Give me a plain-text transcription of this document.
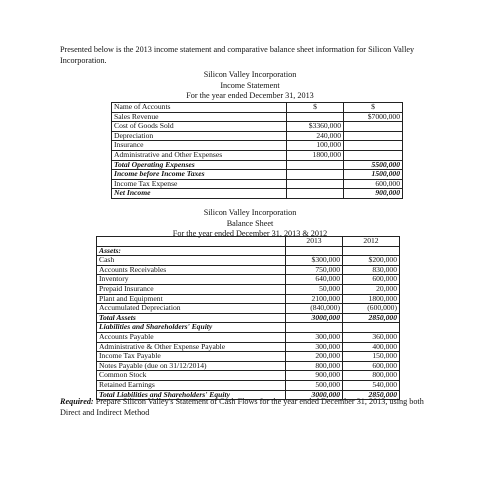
Presented below is the 2013 income statement and comparative balance sheet information for Silicon Valley Incorporation.
Silicon Valley Incorporation
Income Statement
For the year ended December 31, 2013
Name of Accounts	$	$
Sales Revenue		$7000,000
Cost of Goods Sold	$3360,000	
Depreciation	240,000	
Insurance	100,000	
Administrative and Other Expenses	1800,000	
Total Operating Expenses		5500,000
Income before Income Taxes		1500,000
Income Tax Expense		600,000
Net Income		900,000
Silicon Valley Incorporation
Balance Sheet
For the year ended December 31, 2013 & 2012
	2013	2012
Assets:		
Cash	$300,000	$200,000
Accounts Receivables	750,000	830,000
Inventory	640,000	600,000
Prepaid Insurance	50,000	20,000
Plant and Equipment	2100,000	1800,000
Accumulated Depreciation	(840,000)	(600,000)
Total Assets	3000,000	2850,000
Liabilities and Shareholders' Equity		
Accounts Payable	300,000	360,000
Administrative & Other Expense Payable	300,000	400,000
Income Tax Payable	200,000	150,000
Notes Payable (due on 31/12/2014)	800,000	600,000
Common Stock	900,000	800,000
Retained Earnings	500,000	540,000
Total Liabilities and Shareholders' Equity	3000,000	2850,000
Required: Prepare Silicon Valley's Statement of Cash Flows for the year ended December 31, 2013, using both Direct and Indirect Method
